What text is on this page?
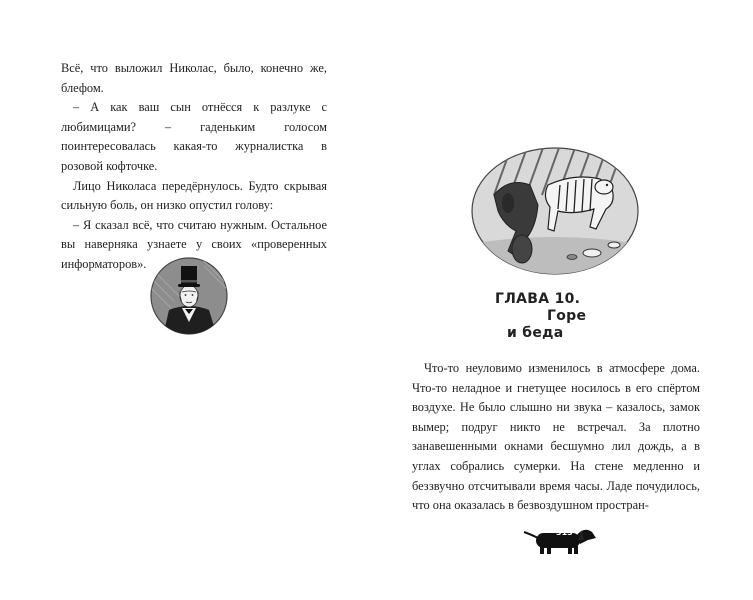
Всё, что выложил Николас, было, конечно же, блефом.

– А как ваш сын отнёсся к разлуке с любимицами? – гаденьким голосом поинтересовалась какая-то журналистка в розовой кофточке.

Лицо Николаса передёрнулось. Будто скрывая сильную боль, он низко опустил голову:

– Я сказал всё, что считаю нужным. Остальное вы наверняка узнаете у своих «проверенных информаторов».

ГЛАВА 10.
Горе
и беда

Что-то неуловимо изменилось в атмосфере дома. Что-то неладное и гнетущее носилось в его спёртом воздухе. Не было слышно ни звука – казалось, замок вымер; подруг никто не встречал. За плотно занавешенными окнами бесшумно лил дождь, а в углах собрались сумерки. На стене медленно и беззвучно отсчитывали время часы. Ладе почудилось, что она оказалась в безвоздушном простран-

315
